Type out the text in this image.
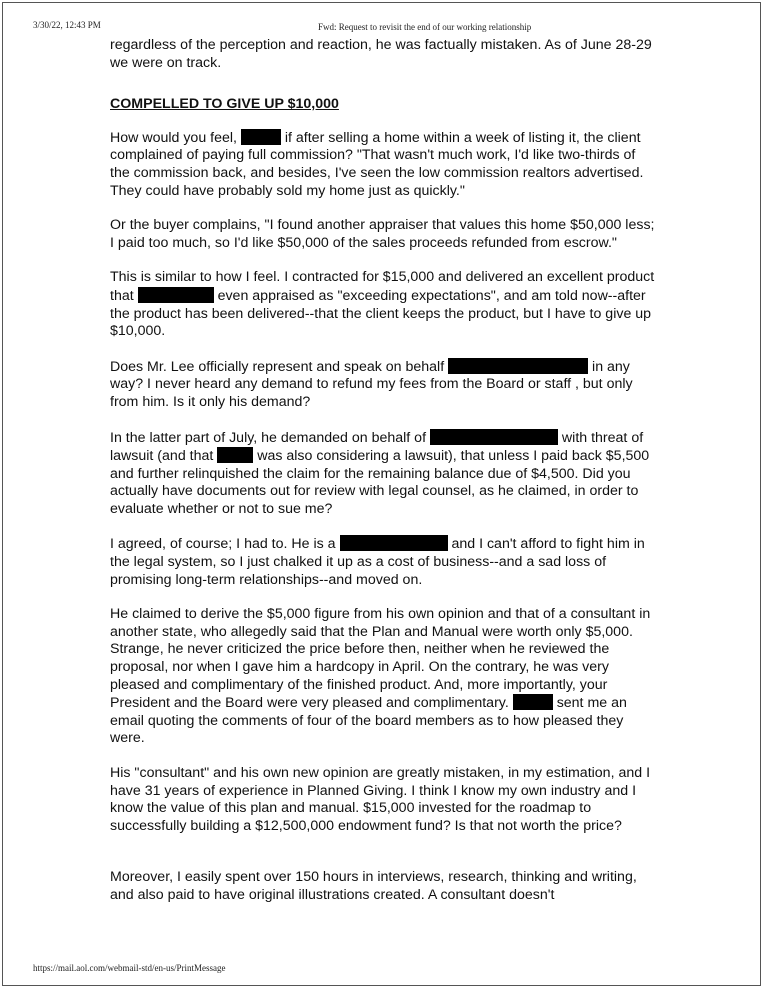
3/30/22, 12:43 PM	Fwd: Request to revisit the end of our working relationship

regardless of the perception and reaction, he was factually mistaken. As of June 28-29 we were on track.

COMPELLED TO GIVE UP $10,000

How would you feel,	if after selling a home within a week of listing it, the client complained of paying full commission? "That wasn't much work, I'd like two-thirds of the commission back, and besides, I've seen the low commission realtors advertised. They could have probably sold my home just as quickly."

Or the buyer complains, "I found another appraiser that values this home $50,000 less; I paid too much, so I'd like $50,000 of the sales proceeds refunded from escrow."

This is similar to how I feel. I contracted for $15,000 and delivered an excellent product that	even appraised as "exceeding expectations", and am told now--after the product has been delivered--that the client keeps the product, but I have to give up $10,000.

Does Mr. Lee officially represent and speak on behalf	in any way? I never heard any demand to refund my fees from the Board or staff , but only from him. Is it only his demand?

In the latter part of July, he demanded on behalf of	with threat of lawsuit (and that	was also considering a lawsuit), that unless I paid back $5,500 and further relinquished the claim for the remaining balance due of $4,500. Did you actually have documents out for review with legal counsel, as he claimed, in order to evaluate whether or not to sue me?

I agreed, of course; I had to. He is a	and I can't afford to fight him in the legal system, so I just chalked it up as a cost of business--and a sad loss of promising long-term relationships--and moved on.

He claimed to derive the $5,000 figure from his own opinion and that of a consultant in another state, who allegedly said that the Plan and Manual were worth only $5,000. Strange, he never criticized the price before then, neither when he reviewed the proposal, nor when I gave him a hardcopy in April. On the contrary, he was very pleased and complimentary of the finished product. And, more importantly, your President and the Board were very pleased and complimentary.	sent me an email quoting the comments of four of the board members as to how pleased they were.

His "consultant" and his own new opinion are greatly mistaken, in my estimation, and I have 31 years of experience in Planned Giving. I think I know my own industry and I know the value of this plan and manual. $15,000 invested for the roadmap to successfully building a $12,500,000 endowment fund? Is that not worth the price?

Moreover, I easily spent over 150 hours in interviews, research, thinking and writing, and also paid to have original illustrations created. A consultant doesn't

https://mail.aol.com/webmail-std/en-us/PrintMessage
